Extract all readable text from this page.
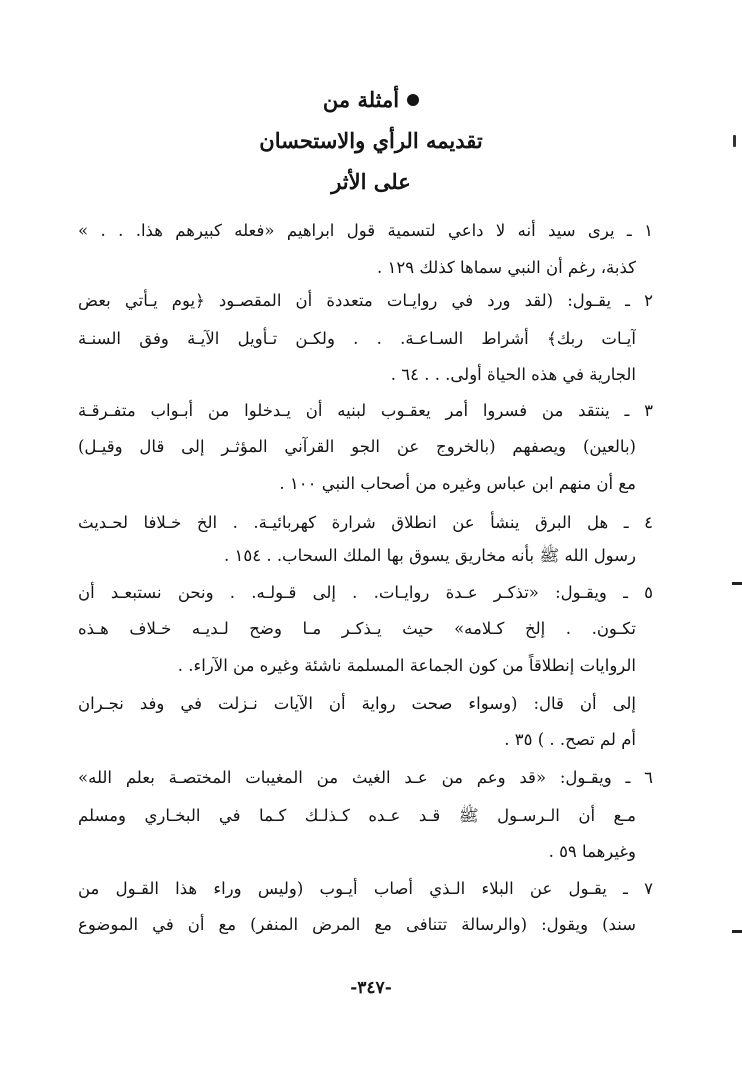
أمثلة من
تقديمه الرأي والاستحسان
على الأثر
١ ـ يرى سيد أنه لا داعي لتسمية قول ابراهيم «فعله كبيرهم هذا. . . »
كذبة، رغم أن النبي سماها كذلك ١٢٩ .
٢ ـ يقـول: (لقد ورد في روايـات متعددة أن المقصـود ﴿يوم يـأتي بعض
آيـات ربك﴾ أشراط السـاعـة. . . ولكـن تـأويل الآيـة وفق السنـة
الجارية في هذه الحياة أولى. . . ٦٤ .
٣ ـ ينتقد من فسروا أمر يعقـوب لبنيه أن يـدخلوا من أبـواب متفـرقـة
(بالعين) ويصفهم (بالخروج عن الجو القرآني المؤثـر إلى قال وقيـل)
مع أن منهم ابن عباس وغيره من أصحاب النبي ١٠٠ .
٤ ـ هل البرق ينشأ عن انطلاق شرارة كهربائيـة. . الخ خـلافا لحـديث
رسول الله ﷺ بأنه مخاريق يسوق بها الملك السحاب. . ١٥٤ .
٥ ـ ويقـول: «تذكـر عـدة روايـات. . إلى قـولـه. . ونحن نستبعـد أن
تكـون. . إلخ كـلامه» حيث يـذكـر مـا وضح لـديـه خـلاف هـذه
الروايات إنطلاقاً من كون الجماعة المسلمة ناشئة وغيره من الآراء. .
إلى أن قال: (وسواء صحت رواية أن الآيات نـزلت في وفد نجـران
أم لم تصح. . ) ٣٥ .
٦ ـ ويقـول: «قد وعم من عـد الغيث من المغيبات المختصـة بعلم الله»
مـع أن الـرسـول ﷺ قـد عـده كـذلـك كـما في البخـاري ومسلم
وغيرهما ٥٩ .
٧ ـ يقـول عن البلاء الـذي أصاب أيـوب (وليس وراء هذا القـول من
سند) ويقول: (والرسالة تتنافى مع المرض المنفر) مع أن في الموضوع
-٣٤٧-
